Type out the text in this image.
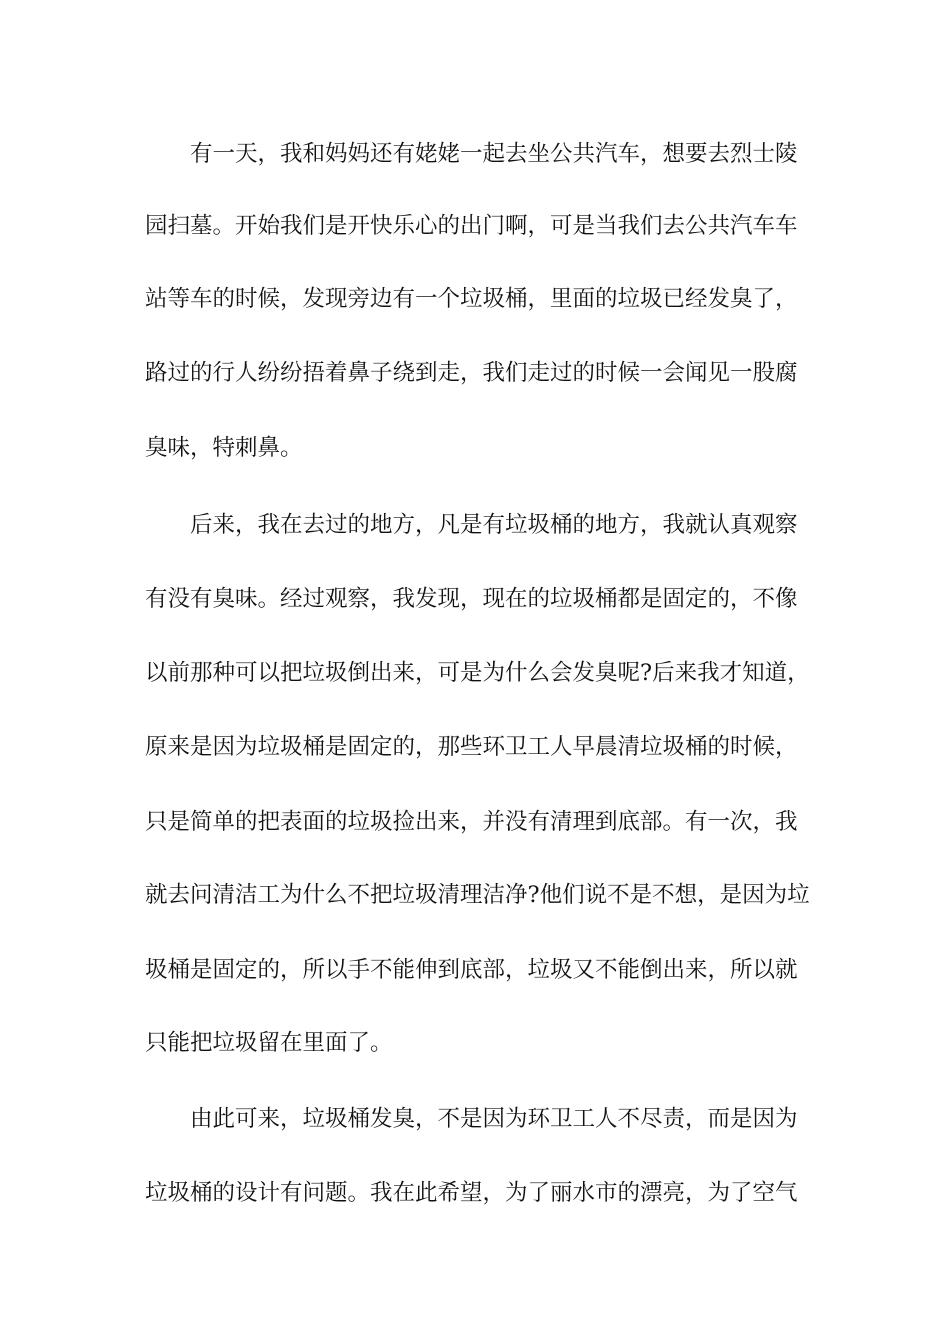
有一天，我和妈妈还有姥姥一起去坐公共汽车，想要去烈士陵
园扫墓。开始我们是开快乐心的出门啊，可是当我们去公共汽车车
站等车的时候，发现旁边有一个垃圾桶，里面的垃圾已经发臭了，
路过的行人纷纷捂着鼻子绕到走，我们走过的时候一会闻见一股腐
臭味，特刺鼻。
后来，我在去过的地方，凡是有垃圾桶的地方，我就认真观察
有没有臭味。经过观察，我发现，现在的垃圾桶都是固定的，不像
以前那种可以把垃圾倒出来，可是为什么会发臭呢?后来我才知道，
原来是因为垃圾桶是固定的，那些环卫工人早晨清垃圾桶的时候，
只是简单的把表面的垃圾捡出来，并没有清理到底部。有一次，我
就去问清洁工为什么不把垃圾清理洁净?他们说不是不想，是因为垃
圾桶是固定的，所以手不能伸到底部，垃圾又不能倒出来，所以就
只能把垃圾留在里面了。
由此可来，垃圾桶发臭，不是因为环卫工人不尽责，而是因为
垃圾桶的设计有问题。我在此希望，为了丽水市的漂亮，为了空气
